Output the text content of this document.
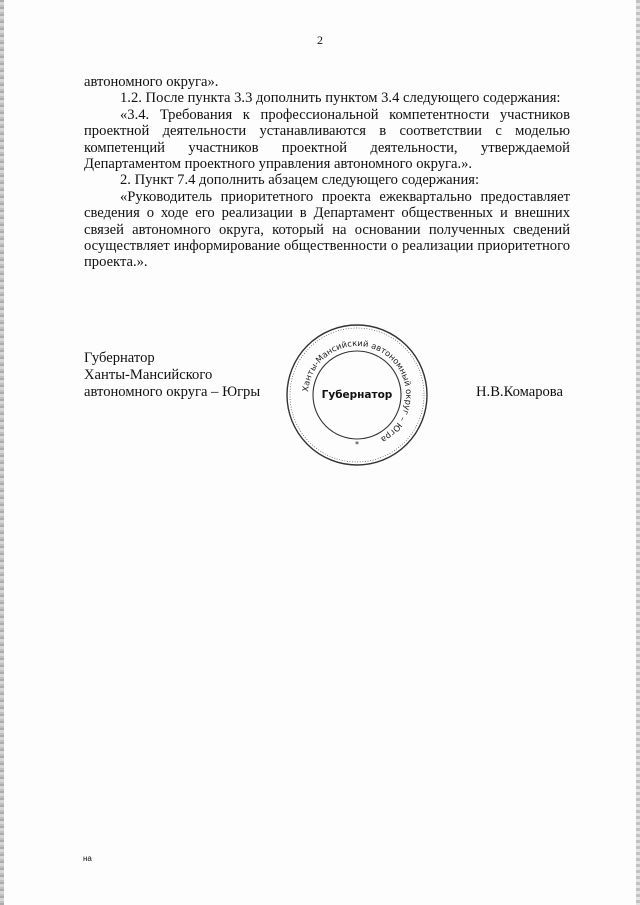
2

автономного округа».

1.2. После пункта 3.3 дополнить пунктом 3.4 следующего содержания:

«3.4. Требования к профессиональной компетентности участников проектной деятельности устанавливаются в соответствии с моделью компетенций участников проектной деятельности, утверждаемой Департаментом проектного управления автономного округа.».

2. Пункт 7.4 дополнить абзацем следующего содержания:

«Руководитель приоритетного проекта ежеквартально предоставляет сведения о ходе его реализации в Департамент общественных и внешних связей автономного округа, который на основании полученных сведений осуществляет информирование общественности о реализации приоритетного проекта.».

Губернатор
Ханты-Мансийского
автономного округа – Югры	Ханты-Мансийский автономный округ – Югра
Губернатор
*
Н.В.Комарова
на
